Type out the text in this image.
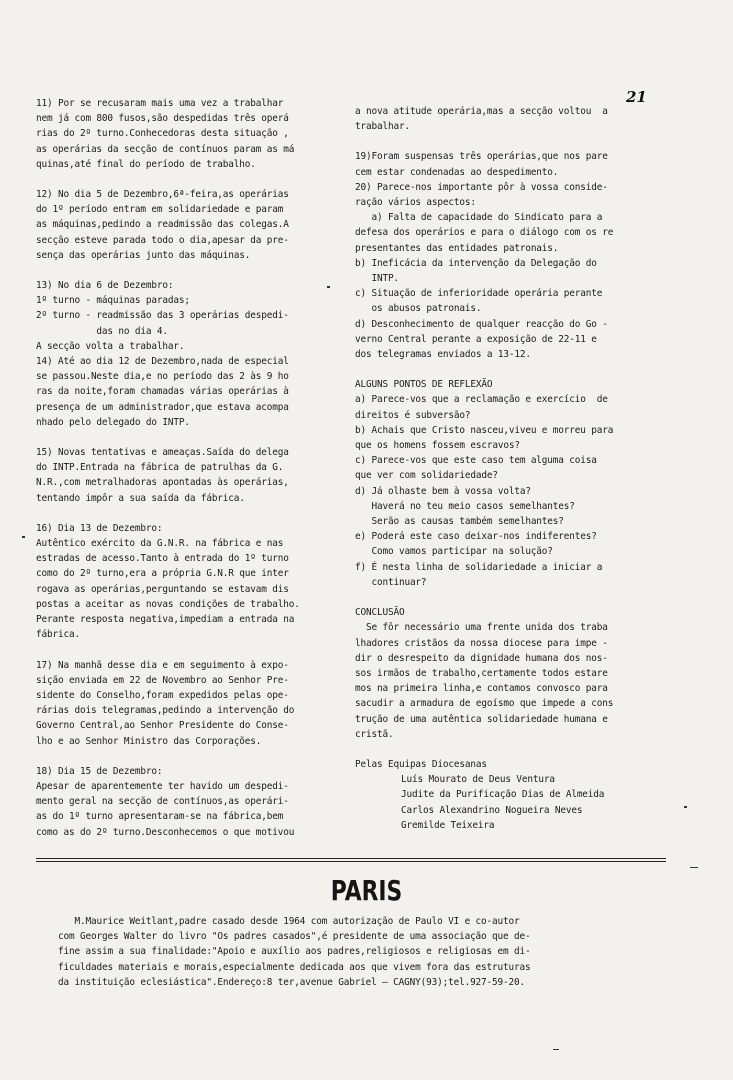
21

11) Por se recusaram mais uma vez a trabalhar
nem já com 800 fusos,são despedidas três operá
rias do 2º turno.Conhecedoras desta situação ,
as operárias da secção de contínuos param as má
quinas,até final do período de trabalho.

12) No dia 5 de Dezembro,6ª-feira,as operárias
do 1º período entram em solidariedade e param
as máquinas,pedindo a readmissão das colegas.A
secção esteve parada todo o dia,apesar da pre-
sença das operárias junto das máquinas.

13) No dia 6 de Dezembro:
1º turno - máquinas paradas;
2º turno - readmissão das 3 operárias despedi-
das no dia 4.
A secção volta a trabalhar.
14) Até ao dia 12 de Dezembro,nada de especial
se passou.Neste dia,e no período das 2 às 9 ho
ras da noite,foram chamadas várias operárias à
presença de um administrador,que estava acompa
nhado pelo delegado do INTP.

15) Novas tentativas e ameaças.Saída do delega
do INTP.Entrada na fábrica de patrulhas da G.
N.R.,com metralhadoras apontadas às operárias,
tentando impôr a sua saída da fábrica.

16) Dia 13 de Dezembro:
Autêntico exército da G.N.R. na fábrica e nas
estradas de acesso.Tanto à entrada do 1º turno
como do 2º turno,era a própria G.N.R que inter
rogava as operárias,perguntando se estavam dis
postas a aceitar as novas condições de trabalho.
Perante resposta negativa,impediam a entrada na
fábrica.

17) Na manhã desse dia e em seguimento à expo-
sição enviada em 22 de Novembro ao Senhor Pre-
sidente do Conselho,foram expedidos pelas ope-
rárias dois telegramas,pedindo a intervenção do
Governo Central,ao Senhor Presidente do Conse-
lho e ao Senhor Ministro das Corporações.

18) Dia 15 de Dezembro:
Apesar de aparentemente ter havido um despedi-
mento geral na secção de contínuos,as operári-
as do 1º turno apresentaram-se na fábrica,bem
como as do 2º turno.Desconhecemos o que motivou

a nova atitude operária,mas a secção voltou  a
trabalhar.

19)Foram suspensas três operárias,que nos pare
cem estar condenadas ao despedimento.
20) Parece-nos importante pôr à vossa conside-
ração vários aspectos:
a) Falta de capacidade do Sindicato para a
defesa dos operários e para o diálogo com os re
presentantes das entidades patronais.
b) Ineficácia da intervenção da Delegação do
INTP.
c) Situação de inferioridade operária perante
os abusos patronais.
d) Desconhecimento de qualquer reacção do Go -
verno Central perante a exposição de 22-11 e
dos telegramas enviados a 13-12.

ALGUNS PONTOS DE REFLEXÃO

a) Parece-vos que a reclamação e exercício  de
direitos é subversão?
b) Achais que Cristo nasceu,viveu e morreu para
que os homens fossem escravos?
c) Parece-vos que este caso tem alguma coisa
que ver com solidariedade?
d) Já olhaste bem à vossa volta?
Haverá no teu meio casos semelhantes?
Serão as causas também semelhantes?
e) Poderá este caso deixar-nos indiferentes?
Como vamos participar na solução?
f) É nesta linha de solidariedade a iniciar a
continuar?

CONCLUSÃO

Se fôr necessário uma frente unida dos traba
lhadores cristãos da nossa diocese para impe -
dir o desrespeito da dignidade humana dos nos-
sos irmãos de trabalho,certamente todos estare
mos na primeira linha,e contamos convosco para
sacudir a armadura de egoísmo que impede a cons
trução de uma autêntica solidariedade humana e
cristã.

Pelas Equipas Diocesanas

Luís Mourato de Deus Ventura

Judite da Purificação Dias de Almeida

Carlos Alexandrino Nogueira Neves

Gremilde Teixeira

PARIS
M.Maurice Weitlant,padre casado desde 1964 com autorização de Paulo VI e co-autor
com Georges Walter do livro "Os padres casados",é presidente de uma associação que de-
fine assim a sua finalidade:"Apoio e auxílio aos padres,religiosos e religiosas em di-
ficuldades materiais e morais,especialmente dedicada aos que vivem fora das estruturas
da instituição eclesiástica".Endereço:8 ter,avenue Gabriel — CAGNY(93);tel.927-59-20.
